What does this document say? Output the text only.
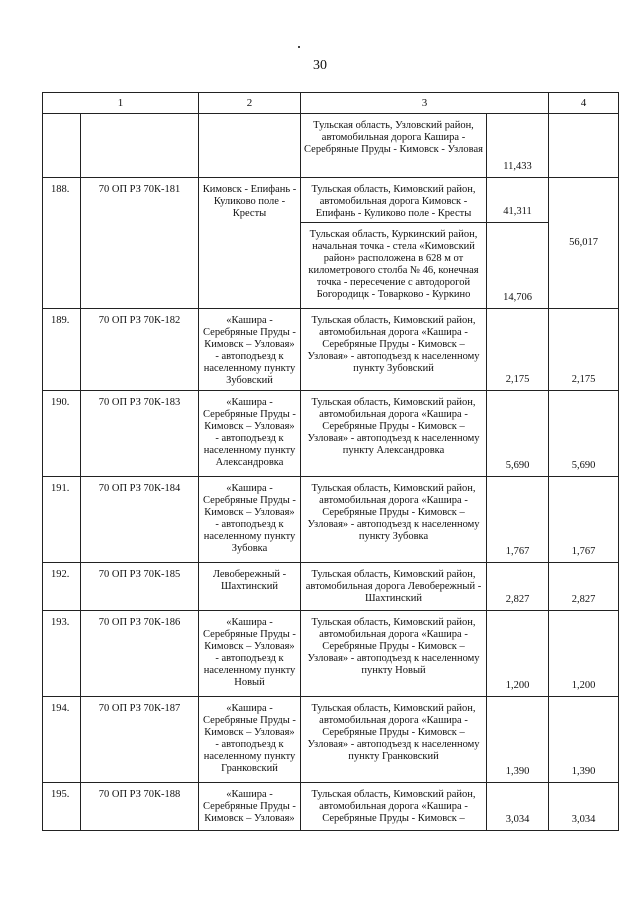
30
1		2	3		4
			Тульская область, Узловский район, автомобильная дорога Кашира - Серебряные Пруды - Кимовск - Узловая	11,433	
188.	70 ОП РЗ 70К-181	Кимовск - Епифань - Куликово поле - Кресты	Тульская область, Кимовский район, автомобильная дорога Кимовск - Епифань - Куликово поле - Кресты	41,311	56,017
			Тульская область, Куркинский район, начальная точка - стела «Кимовский район» расположена в 628 м от километрового столба № 46, конечная точка - пересечение с автодорогой Богородицк - Товарково - Куркино	14,706	
189.	70 ОП РЗ 70К-182	«Кашира - Серебряные Пруды - Кимовск – Узловая» - автоподъезд к населенному пункту Зубовский	Тульская область, Кимовский район, автомобильная дорога «Кашира - Серебряные Пруды - Кимовск – Узловая» - автоподъезд к населенному пункту Зубовский	2,175	2,175
190.	70 ОП РЗ 70К-183	«Кашира - Серебряные Пруды - Кимовск – Узловая» - автоподъезд к населенному пункту Александровка	Тульская область, Кимовский район, автомобильная дорога «Кашира - Серебряные Пруды - Кимовск – Узловая» - автоподъезд к населенному пункту Александровка	5,690	5,690
191.	70 ОП РЗ 70К-184	«Кашира - Серебряные Пруды - Кимовск – Узловая» - автоподъезд к населенному пункту Зубовка	Тульская область, Кимовский район, автомобильная дорога «Кашира - Серебряные Пруды - Кимовск – Узловая» - автоподъезд к населенному пункту Зубовка	1,767	1,767
192.	70 ОП РЗ 70К-185	Левобережный - Шахтинский	Тульская область, Кимовский район, автомобильная дорога Левобережный - Шахтинский	2,827	2,827
193.	70 ОП РЗ 70К-186	«Кашира - Серебряные Пруды - Кимовск – Узловая» - автоподъезд к населенному пункту Новый	Тульская область, Кимовский район, автомобильная дорога «Кашира - Серебряные Пруды - Кимовск – Узловая» - автоподъезд к населенному пункту Новый	1,200	1,200
194.	70 ОП РЗ 70К-187	«Кашира - Серебряные Пруды - Кимовск – Узловая» - автоподъезд к населенному пункту Гранковский	Тульская область, Кимовский район, автомобильная дорога «Кашира - Серебряные Пруды - Кимовск – Узловая» - автоподъезд к населенному пункту Гранковский	1,390	1,390
195.	70 ОП РЗ 70К-188	«Кашира - Серебряные Пруды - Кимовск – Узловая»	Тульская область, Кимовский район, автомобильная дорога «Кашира - Серебряные Пруды - Кимовск –	3,034	3,034
